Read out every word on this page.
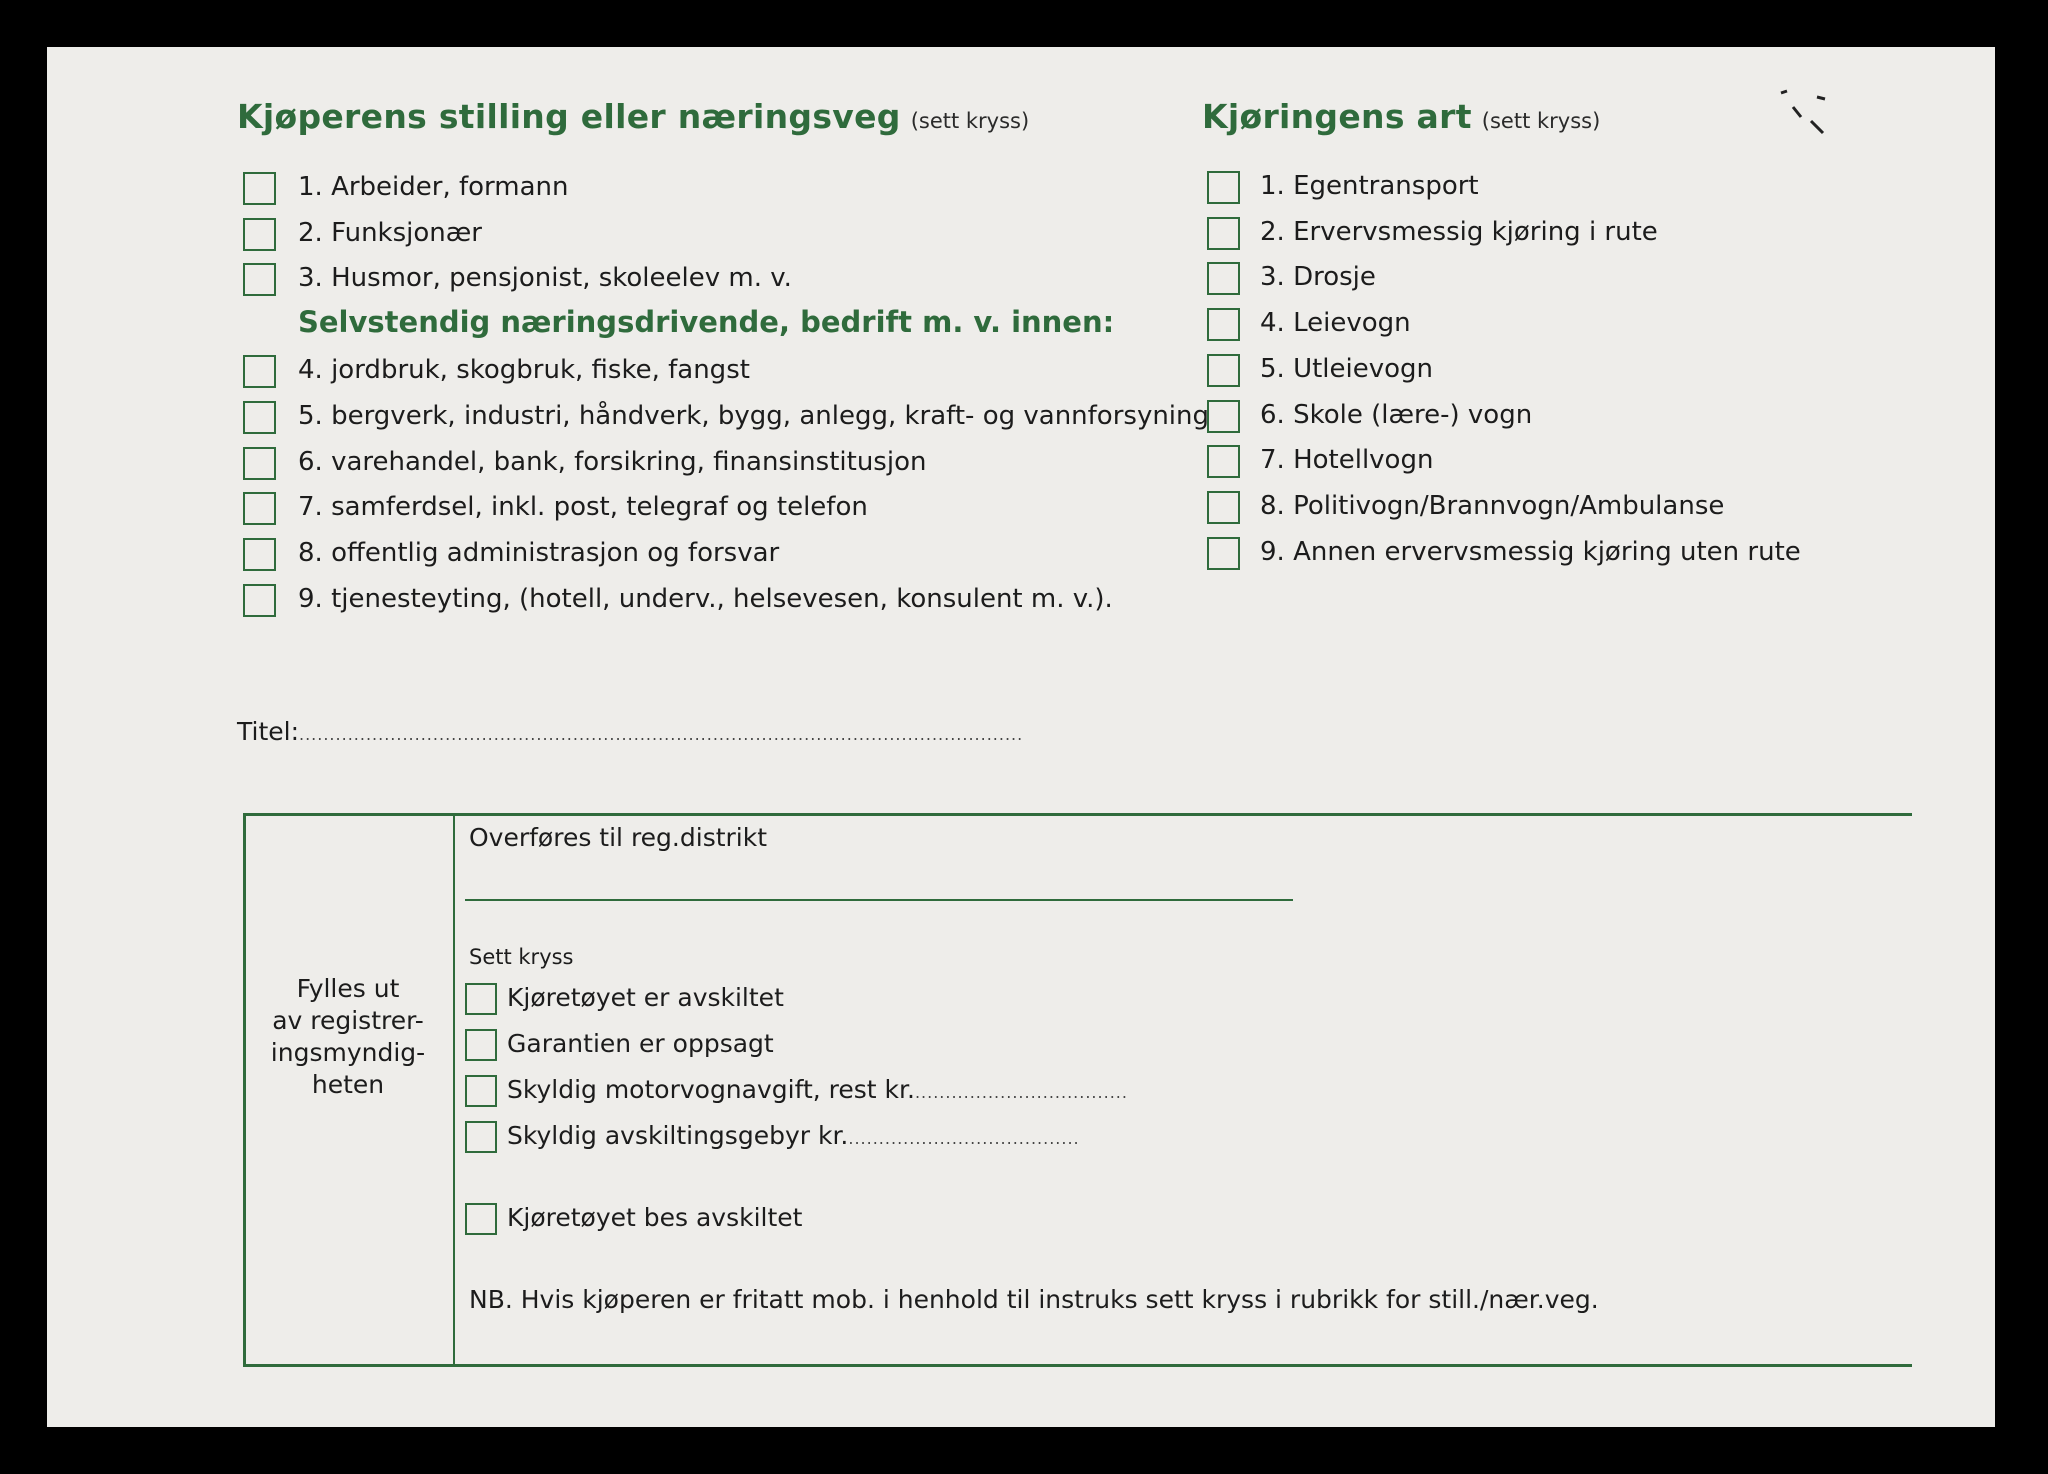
Kjøperens stilling eller næringsveg (sett kryss)	Kjøringens art (sett kryss)
1. Arbeider, formann
2. Funksjonær
3. Husmor, pensjonist, skoleelev m. v.
Selvstendig næringsdrivende, bedrift m. v. innen:
4. jordbruk, skogbruk, fiske, fangst
5. bergverk, industri, håndverk, bygg, anlegg, kraft- og vannforsyning
6. varehandel, bank, forsikring, finansinstitusjon
7. samferdsel, inkl. post, telegraf og telefon
8. offentlig administrasjon og forsvar
9. tjenesteyting, (hotell, underv., helsevesen, konsulent m. v.).
1. Egentransport
2. Ervervsmessig kjøring i rute
3. Drosje
4. Leievogn
5. Utleievogn
6. Skole (lære-) vogn
7. Hotellvogn
8. Politivogn/Brannvogn/Ambulanse
9. Annen ervervsmessig kjøring uten rute
Titel:.......................................................................................................................
Fylles ut
av registrer-
ingsmyndig-
heten
Overføres til reg.distrikt
Sett kryss
Kjøretøyet er avskiltet
Garantien er oppsagt
Skyldig motorvognavgift, rest kr....................................
Skyldig avskiltingsgebyr kr.......................................
Kjøretøyet bes avskiltet
NB. Hvis kjøperen er fritatt mob. i henhold til instruks sett kryss i rubrikk for still./nær.veg.
